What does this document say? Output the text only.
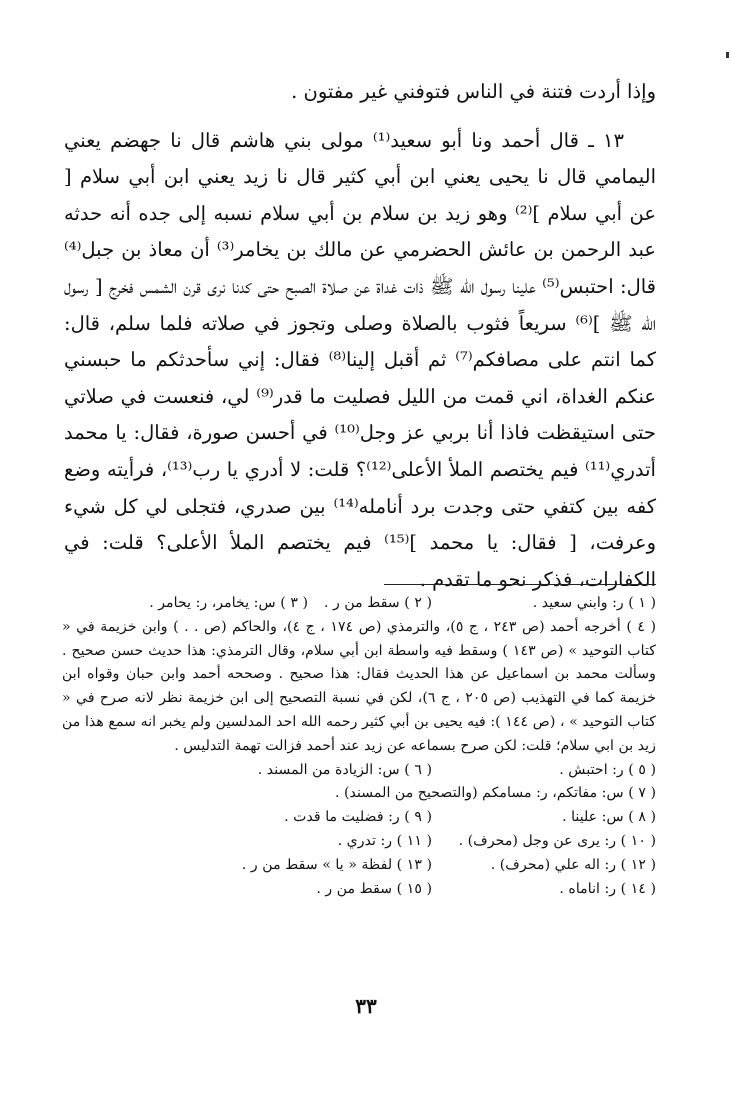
وإذا أردت فتنة في الناس فتوفني غير مفتون .

١٣ ـ قال أحمد ونا أبو سعيد⁽¹⁾ مولى بني هاشم قال نا جهضم يعني اليمامي قال نا يحيى يعني ابن أبي كثير قال نا زيد يعني ابن أبي سلام [ عن أبي سلام ]⁽²⁾ وهو زيد بن سلام بن أبي سلام نسبه إلى جده أنه حدثه عبد الرحمن بن عائش الحضرمي عن مالك بن يخامر⁽³⁾ أن معاذ بن جبل⁽⁴⁾ قال: احتبس⁽⁵⁾ علينا رسول الله ﷺ ذات غداة عن صلاة الصبح حتى كدنا نرى قرن الشمس فخرج [ رسول الله ﷺ ]⁽⁶⁾ سريعاً فثوب بالصلاة وصلى وتجوز في صلاته فلما سلم، قال: كما انتم على مصافكم⁽⁷⁾ ثم أقبل إلينا⁽⁸⁾ فقال: إني سأحدثكم ما حبسني عنكم الغداة، اني قمت من الليل فصليت ما قدر⁽⁹⁾ لي، فنعست في صلاتي حتى استيقظت فاذا أنا بربي عز وجل⁽¹⁰⁾ في أحسن صورة، فقال: يا محمد أتدري⁽¹¹⁾ فيم يختصم الملأ الأعلى⁽¹²⁾؟ قلت: لا أدري يا رب⁽¹³⁾، فرأيته وضع كفه بين كتفي حتى وجدت برد أنامله⁽¹⁴⁾ بين صدري، فتجلى لي كل شيء وعرفت، [ فقال: يا محمد ]⁽¹⁵⁾ فيم يختصم الملأ الأعلى؟ قلت: في الكفارات، فذكر نحو ما تقدم .

( ١ ) ر: وابني سعيد .
( ٢ ) سقط من ر .
( ٣ ) س: يخامر، ر: يحامر .

( ٤ ) أخرجه أحمد (ص ٢٤٣ ، ج ٥)، والترمذي (ص ١٧٤ ، ج ٤)، والحاكم (ص . . ) وابن خزيمة في « كتاب التوحيد » (ص ١٤٣ ) وسقط فيه واسطة ابن أبي سلام، وقال الترمذي: هذا حديث حسن صحيح . وسألت محمد بن اسماعيل عن هذا الحديث فقال: هذا صحيح . وصححه أحمد وابن حبان وقواه ابن خزيمة كما في التهذيب (ص ٢٠٥ ، ج ٦)، لكن في نسبة التصحيح إلى ابن خزيمة نظر لانه صرح في « كتاب التوحيد » ، (ص ١٤٤ ): فيه يحيى بن أبي كثير رحمه الله احد المدلسين ولم يخبر انه سمع هذا من زيد بن ابي سلام؛ قلت: لكن صرح بسماعه عن زيد عند أحمد فزالت تهمة التدليس .

( ٥ ) ر: احتبش .
( ٦ ) س: الزيادة من المسند .
( ٧ ) س: مفاتكم، ر: مسامكم (والتصحيح من المسند) .
( ٨ ) س: علينا .
( ٩ ) ر: فضليت ما قدت .
( ١٠ ) ر: يرى عن وجل (محرف) .
( ١١ ) ر: تدري .
( ١٢ ) ر: اله علي (محرف) .
( ١٣ ) لفظة « يا » سقط من ر .
( ١٤ ) ر: اناماه .
( ١٥ ) سقط من ر .
٣٣
